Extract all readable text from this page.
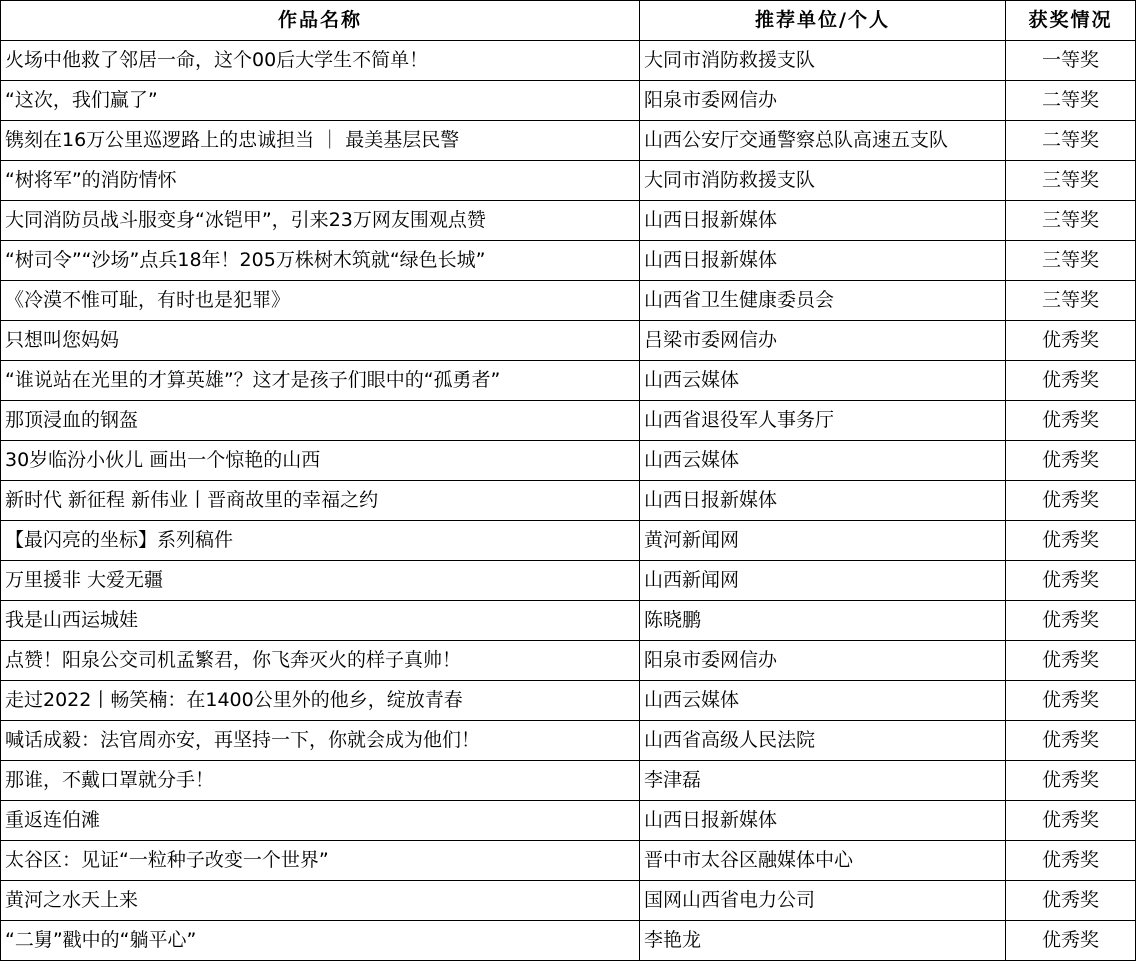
作品名称	推荐单位/个人	获奖情况
火场中他救了邻居一命，这个00后大学生不简单！	大同市消防救援支队	一等奖
“这次，我们赢了”	阳泉市委网信办	二等奖
镌刻在16万公里巡逻路上的忠诚担当 ｜ 最美基层民警	山西公安厅交通警察总队高速五支队	二等奖
“树将军”的消防情怀	大同市消防救援支队	三等奖
大同消防员战斗服变身“冰铠甲”，引来23万网友围观点赞	山西日报新媒体	三等奖
“树司令”“沙场”点兵18年！205万株树木筑就“绿色长城”	山西日报新媒体	三等奖
《冷漠不惟可耻，有时也是犯罪》	山西省卫生健康委员会	三等奖
只想叫您妈妈	吕梁市委网信办	优秀奖
“谁说站在光里的才算英雄”？这才是孩子们眼中的“孤勇者”	山西云媒体	优秀奖
那顶浸血的钢盔	山西省退役军人事务厅	优秀奖
30岁临汾小伙儿 画出一个惊艳的山西	山西云媒体	优秀奖
新时代 新征程 新伟业丨晋商故里的幸福之约	山西日报新媒体	优秀奖
【最闪亮的坐标】系列稿件	黄河新闻网	优秀奖
万里援非 大爱无疆	山西新闻网	优秀奖
我是山西运城娃	陈晓鹏	优秀奖
点赞！阳泉公交司机孟繁君，你飞奔灭火的样子真帅！	阳泉市委网信办	优秀奖
走过2022丨畅笑楠：在1400公里外的他乡，绽放青春	山西云媒体	优秀奖
喊话成毅：法官周亦安，再坚持一下，你就会成为他们！	山西省高级人民法院	优秀奖
那谁，不戴口罩就分手！	李津磊	优秀奖
重返连伯滩	山西日报新媒体	优秀奖
太谷区：见证“一粒种子改变一个世界”	晋中市太谷区融媒体中心	优秀奖
黄河之水天上来	国网山西省电力公司	优秀奖
“二舅”戳中的“躺平心”	李艳龙	优秀奖
